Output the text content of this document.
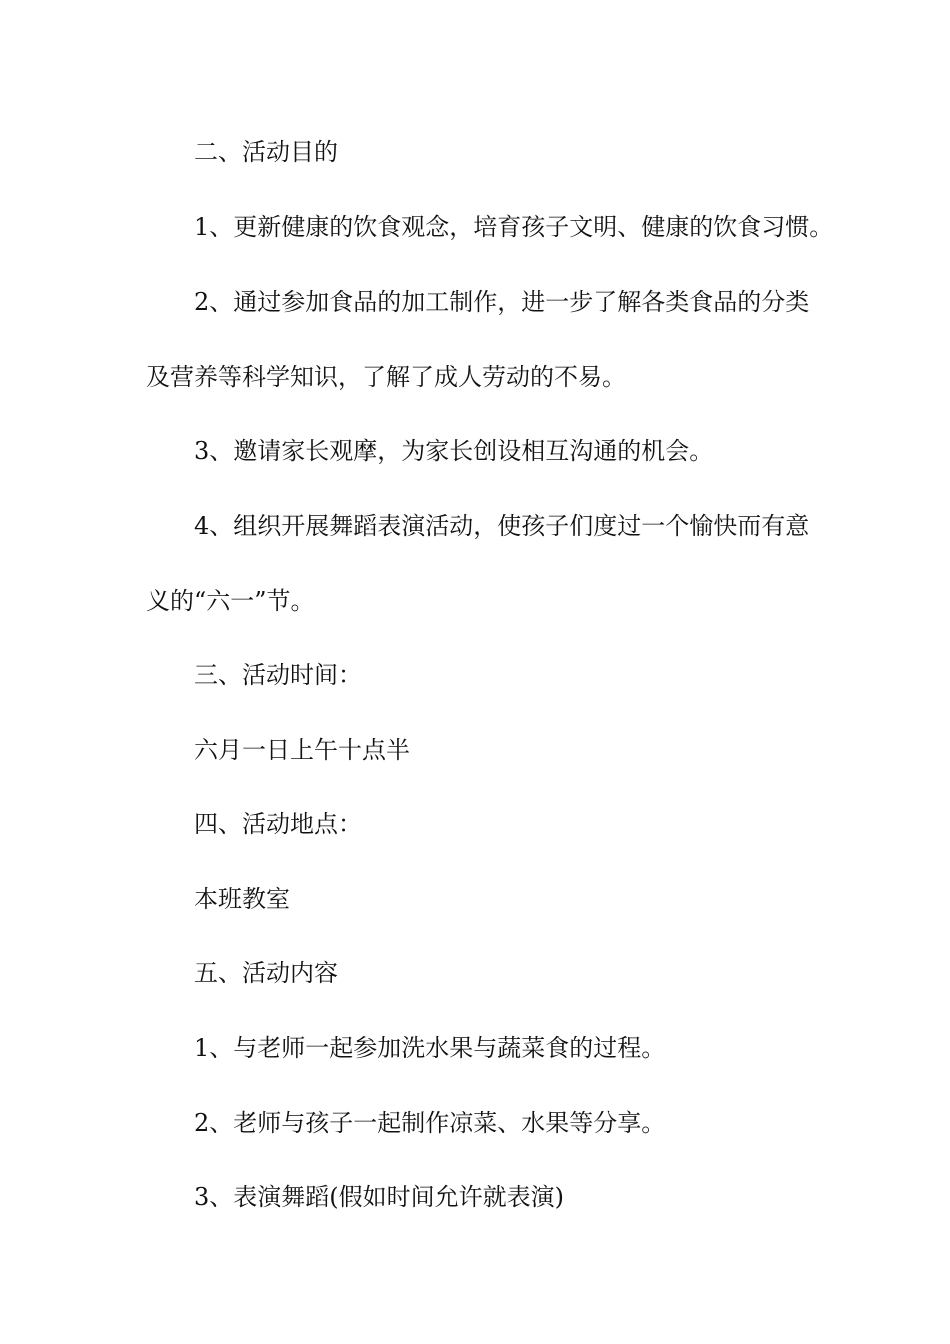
二、活动目的
1、更新健康的饮食观念，培育孩子文明、健康的饮食习惯。
2、通过参加食品的加工制作，进一步了解各类食品的分类
及营养等科学知识，了解了成人劳动的不易。
3、邀请家长观摩，为家长创设相互沟通的机会。
4、组织开展舞蹈表演活动，使孩子们度过一个愉快而有意
义的“六一”节。
三、活动时间：
六月一日上午十点半
四、活动地点：
本班教室
五、活动内容
1、与老师一起参加洗水果与蔬菜食的过程。
2、老师与孩子一起制作凉菜、水果等分享。
3、表演舞蹈(假如时间允许就表演)
